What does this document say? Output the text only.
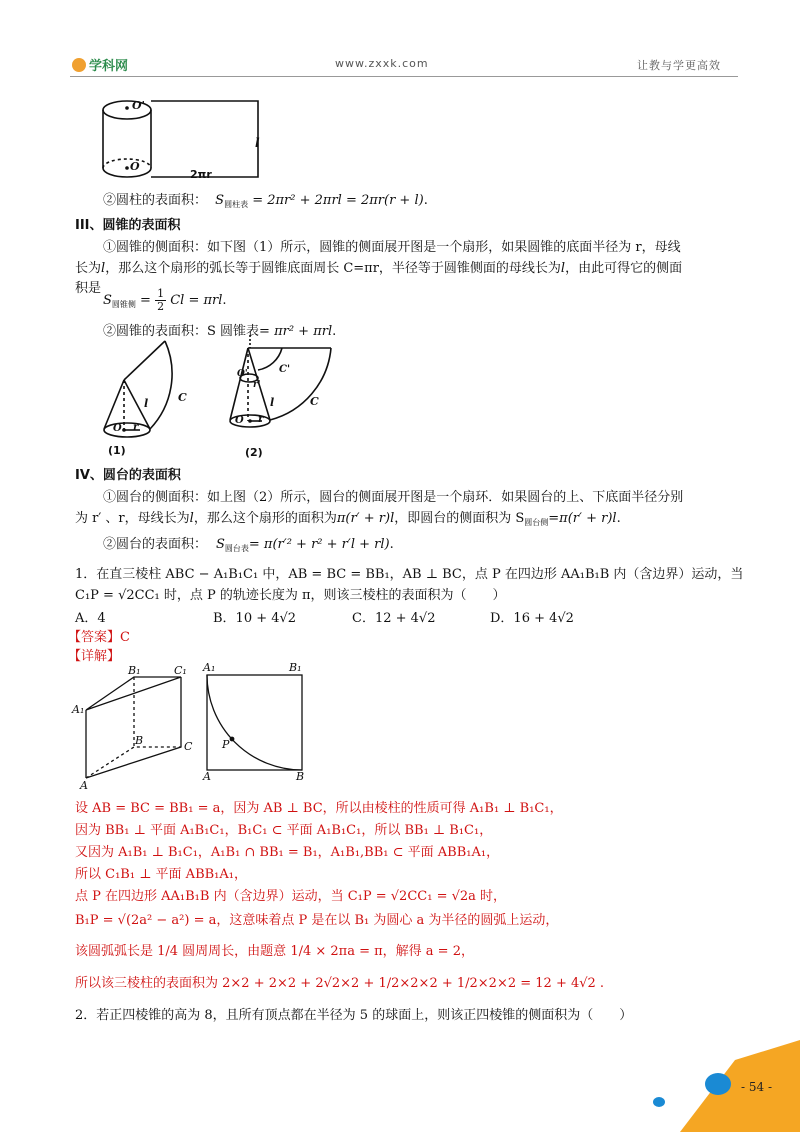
学科网	www.zxxk.com	让教与学更高效
O'
O
l
2πr
②圆柱的表面积： $S_{圆柱表} = 2\pi r^2 + 2\pi rl = 2\pi r(r + l)$.
III、圆锥的表面积
①圆锥的侧面积：如下图（1）所示，圆锥的侧面展开图是一个扇形，如果圆锥的底面半径为 r，母线
长为l，那么这个扇形的弧长等于圆锥底面周长 C=πr，半径等于圆锥侧面的母线长为l，由此可得它的侧面
积是
$S_{圆锥侧} = \frac{1}{2}$ Cl = πrl.
②圆锥的表面积：S 圆锥表= πr² + πrl.
l	C
O r
(1)
C'
O'
r'
l	C
O r
(2)
IV、圆台的表面积
①圆台的侧面积：如上图（2）所示，圆台的侧面展开图是一个扇环．如果圆台的上、下底面半径分别
为 r′ 、r，母线长为l，那么这个扇形的面积为π(r′ + r)l，即圆台的侧面积为 $S_{圆台侧}=\pi(r' + r)l$.
②圆台的表面积： $S_{圆台表}= \pi(r'^2 + r^2 + r'l + rl)$.
1．在直三棱柱 ABC − A₁B₁C₁ 中，AB = BC = BB₁，AB ⊥ BC，点 P 在四边形 AA₁B₁B 内（含边界）运动，当
C₁P = √2CC₁ 时，点 P 的轨迹长度为 π，则该三棱柱的表面积为（　　）
A．4	B．10 + 4√2	C．12 + 4√2	D．16 + 4√2
【答案】C
【详解】
B₁	C₁
A₁
B	C
A
A₁	B₁
P
A	B
设 AB = BC = BB₁ = a，因为 AB ⊥ BC，所以由棱柱的性质可得 A₁B₁ ⊥ B₁C₁，
因为 BB₁ ⊥ 平面 A₁B₁C₁，B₁C₁ ⊂ 平面 A₁B₁C₁，所以 BB₁ ⊥ B₁C₁，
又因为 A₁B₁ ⊥ B₁C₁，A₁B₁ ∩ BB₁ = B₁，A₁B₁,BB₁ ⊂ 平面 ABB₁A₁，
所以 C₁B₁ ⊥ 平面 ABB₁A₁，
点 P 在四边形 AA₁B₁B 内（含边界）运动，当 C₁P = √2CC₁ = √2a 时，
B₁P = √(2a² − a²) = a，这意味着点 P 是在以 B₁ 为圆心 a 为半径的圆弧上运动，
该圆弧弧长是 1/4 圆周周长，由题意 1/4 × 2πa = π，解得 a = 2，
所以该三棱柱的表面积为 2×2 + 2×2 + 2√2×2 + 1/2×2×2 + 1/2×2×2 = 12 + 4√2 .
2．若正四棱锥的高为 8，且所有顶点都在半径为 5 的球面上，则该正四棱锥的侧面积为（　　）
- 54 -
